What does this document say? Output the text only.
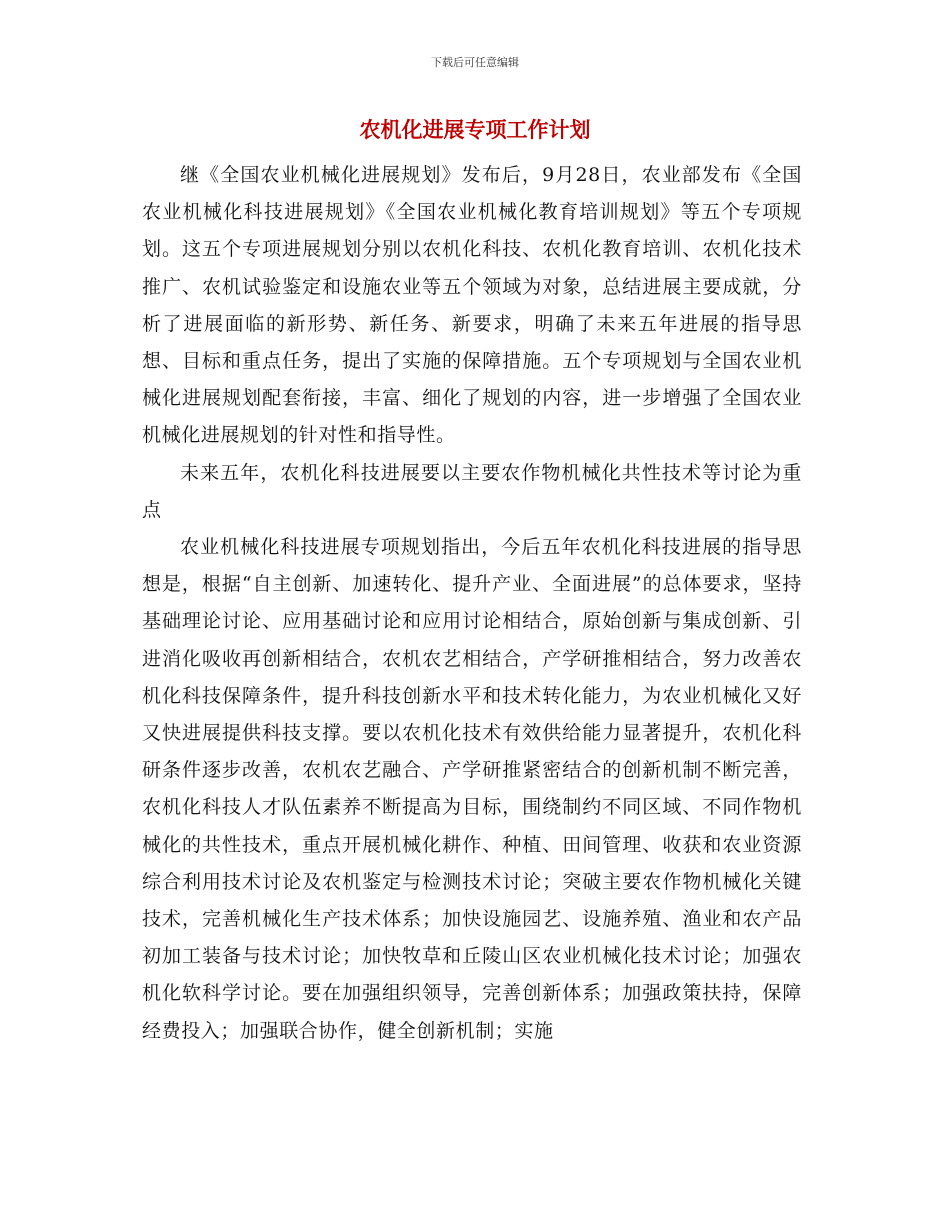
下载后可任意编辑
农机化进展专项工作计划

继《全国农业机械化进展规划》发布后，9月28日，农业部发布《全国农业机械化科技进展规划》《全国农业机械化教育培训规划》等五个专项规划。这五个专项进展规划分别以农机化科技、农机化教育培训、农机化技术推广、农机试验鉴定和设施农业等五个领域为对象，总结进展主要成就，分析了进展面临的新形势、新任务、新要求，明确了未来五年进展的指导思想、目标和重点任务，提出了实施的保障措施。五个专项规划与全国农业机械化进展规划配套衔接，丰富、细化了规划的内容，进一步增强了全国农业机械化进展规划的针对性和指导性。

未来五年，农机化科技进展要以主要农作物机械化共性技术等讨论为重点

农业机械化科技进展专项规划指出，今后五年农机化科技进展的指导思想是，根据“自主创新、加速转化、提升产业、全面进展”的总体要求，坚持基础理论讨论、应用基础讨论和应用讨论相结合，原始创新与集成创新、引进消化吸收再创新相结合，农机农艺相结合，产学研推相结合，努力改善农机化科技保障条件，提升科技创新水平和技术转化能力，为农业机械化又好又快进展提供科技支撑。要以农机化技术有效供给能力显著提升，农机化科研条件逐步改善，农机农艺融合、产学研推紧密结合的创新机制不断完善，农机化科技人才队伍素养不断提高为目标，围绕制约不同区域、不同作物机械化的共性技术，重点开展机械化耕作、种植、田间管理、收获和农业资源综合利用技术讨论及农机鉴定与检测技术讨论；突破主要农作物机械化关键技术，完善机械化生产技术体系；加快设施园艺、设施养殖、渔业和农产品初加工装备与技术讨论；加快牧草和丘陵山区农业机械化技术讨论；加强农机化软科学讨论。要在加强组织领导，完善创新体系；加强政策扶持，保障经费投入；加强联合协作，健全创新机制；实施
